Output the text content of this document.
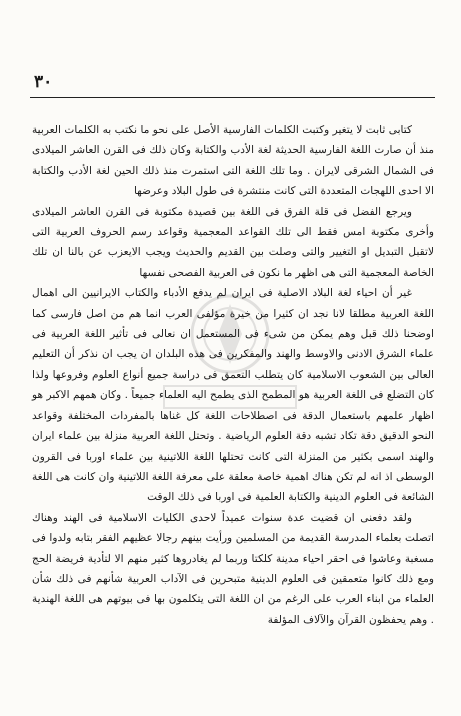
٣٠

كتابى ثابت لا يتغير وكتبت الكلمات الفارسية الأصل على نحو ما نكتب به الكلمات العربية منذ أن صارت اللغة الفارسية الحديثة لغة الأدب والكتابة وكان ذلك فى القرن العاشر الميلادى فى الشمال الشرقى لايران . وما تلك اللغة التى استمرت منذ ذلك الحين لغة الأدب والكتابة الا احدى اللهجات المتعددة التى كانت منتشرة فى طول البلاد وعرضها

ويرجع الفضل فى قلة الفرق فى اللغة بين قصيدة مكتوبة فى القرن العاشر الميلادى وأخرى مكتوبة امس فقط الى تلك القواعد المعجمية وقواعد رسم الحروف العربية التى لاتقبل التبديل او التغيير والتى وصلت بين القديم والحديث ويجب الايعزب عن بالنا ان تلك الخاصة المعجمية التى هى اظهر ما نكون فى العربية الفصحى نفسها

غير أن احياء لغة البلاد الاصلية فى ايران لم يدفع الأدباء والكتاب الايرانيين الى اهمال اللغة العربية مطلقا لانا نجد ان كثيرا من خيرة مؤلفى العرب انما هم من اصل فارسى كما اوضحنا ذلك قبل وهم يمكن من شىء فى المستعمل ان نعالى فى تأثير اللغة العربية فى علماء الشرق الادنى والاوسط والهند والمفكرين فى هذه البلدان ان يجب ان نذكر أن التعليم العالى بين الشعوب الاسلامية كان يتطلب التعمق فى دراسة جميع أنواع العلوم وفروعها ولذا كان التضلع فى اللغة العربية هو المطمح الذى يطمح اليه العلماء جميعاً . وكان همهم الاكبر هو اظهار علمهم باستعمال الدقة فى اصطلاحات اللغة كل غناها بالمفردات المختلفة وقواعد النحو الدقيق دقة تكاد تشبه دقة العلوم الرياضية . وتحتل اللغة العربية منزلة بين علماء ايران والهند اسمى بكثير من المنزلة التى كانت تحتلها اللغة اللاتينية بين علماء اوربا فى القرون الوسطى اذ انه لم تكن هناك اهمية خاصة معلقة على معرفة اللغة اللاتينية وان كانت هى اللغة الشائعة فى العلوم الدينية والكتابة العلمية فى اوربا فى ذلك الوقت

ولقد دفعنى ان قضيت عدة سنوات عميداً لاحدى الكليات الاسلامية فى الهند وهناك اتصلت بعلماء المدرسة القديمة من المسلمين ورأيت بينهم رجالا عظيهم الفقر بتابه ولدوا فى مسغبة وعاشوا فى احقر احياء مدينة كلكتا وربما لم يغادروها كثير منهم الا لتأدية فريضة الحج ومع ذلك كانوا متعمقين فى العلوم الدينية متبحرين فى الآداب العربية شأنهم فى ذلك شأن العلماء من ابناء العرب على الرغم من ان اللغة التى يتكلمون بها فى بيوتهم هى اللغة الهندية . وهم يحفظون القرآن والآلاف المؤلفة
